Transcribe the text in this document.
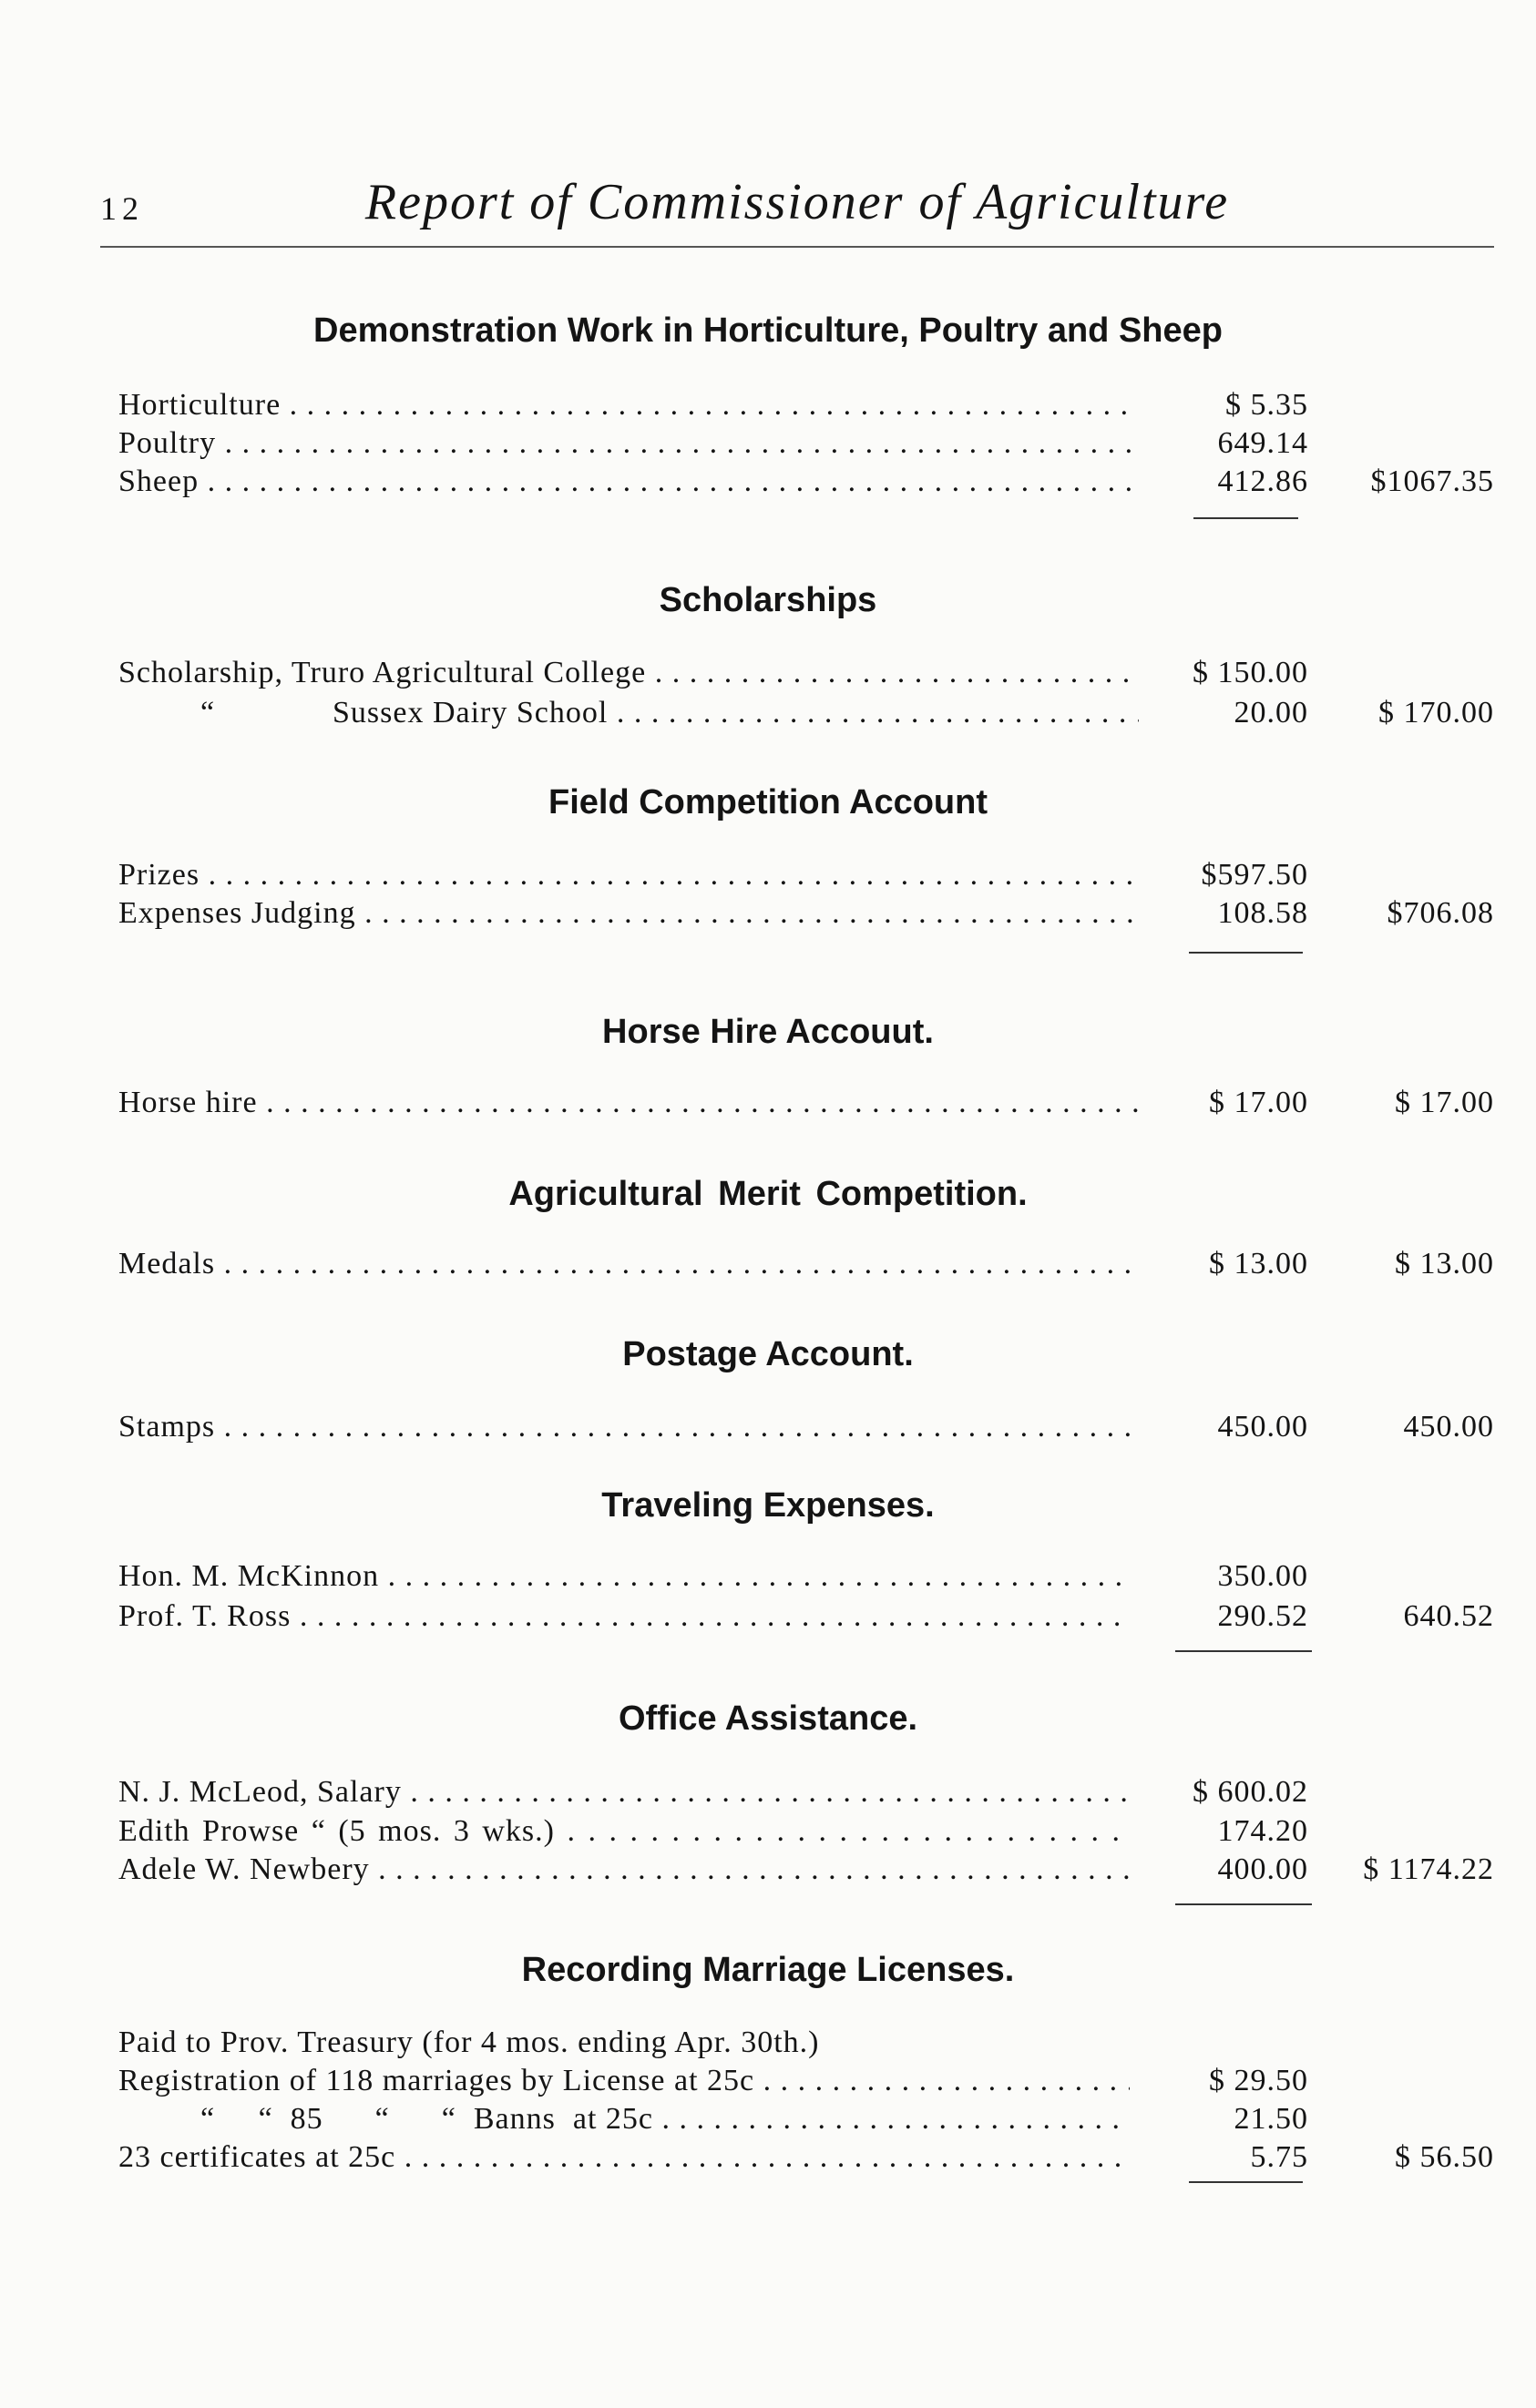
12	Report of Commissioner of Agriculture
Demonstration Work in Horticulture, Poultry and Sheep
Horticulture . . .	$ 5.35
Poultry . . .	649.14
Sheep . . .	412.86	$1067.35
Scholarships
Scholarship, Truro Agricultural College . . .	$ 150.00
“	Sussex Dairy School . . .	20.00	$ 170.00
Field Competition Account
Prizes . . .	$597.50
Expenses Judging . . .	108.58	$706.08
Horse Hire Accouut.
Horse hire . . .	$ 17.00	$ 17.00
Agricultural Merit Competition.
Medals . . .	$ 13.00	$ 13.00
Postage Account.
Stamps . . .	450.00	450.00
Traveling Expenses.
Hon. M. McKinnon . . .	350.00
Prof. T. Ross . . .	290.52	640.52
Office Assistance.
N. J. McLeod, Salary . . .	$ 600.02
Edith Prowse “ (5 mos. 3 wks.) . . .	174.20
Adele W. Newbery . . .	400.00	$ 1174.22
Recording Marriage Licenses.
Paid to Prov. Treasury (for 4 mos. ending Apr. 30th.)
Registration of 118 marriages by License at 25c . . .	$ 29.50
“     “  85      “      “  Banns  at 25c . . .	21.50
23 certificates at 25c . . .	5.75	$ 56.50
